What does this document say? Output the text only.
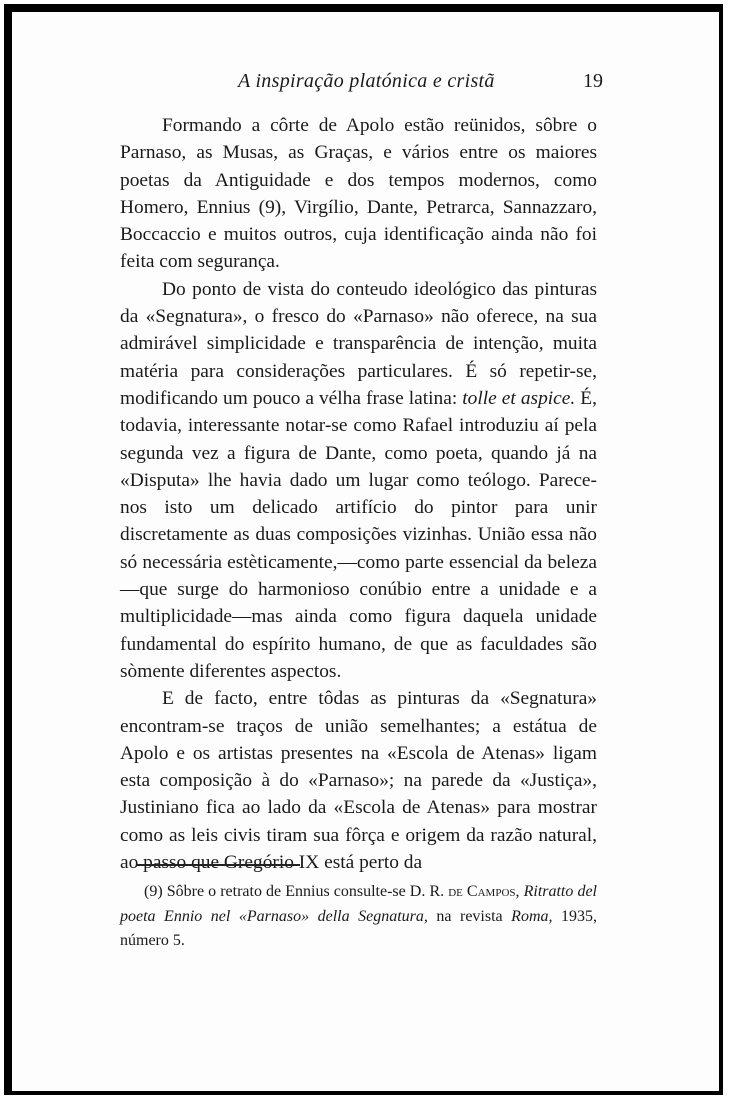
A inspiração platónica e cristã	19

Formando a côrte de Apolo estão reünidos, sôbre o Parnaso, as Musas, as Graças, e vários entre os maiores poetas da Antiguidade e dos tempos modernos, como Homero, Ennius (9), Virgílio, Dante, Petrarca, Sannazzaro, Boccaccio e muitos outros, cuja identificação ainda não foi feita com segurança.

Do ponto de vista do conteudo ideológico das pinturas da «Segnatura», o fresco do «Parnaso» não oferece, na sua admirável simplicidade e transparência de intenção, muita matéria para considerações particulares. É só repetir-se, modificando um pouco a vélha frase latina: tolle et aspice. É, todavia, interessante notar-se como Rafael introduziu aí pela segunda vez a figura de Dante, como poeta, quando já na «Disputa» lhe havia dado um lugar como teólogo. Parece-nos isto um delicado artifício do pintor para unir discretamente as duas composições vizinhas. União essa não só necessária estèticamente,—como parte essencial da beleza—que surge do harmonioso conúbio entre a unidade e a multiplicidade—mas ainda como figura daquela unidade fundamental do espírito humano, de que as faculdades são sòmente diferentes aspectos.

E de facto, entre tôdas as pinturas da «Segnatura» encontram-se traços de união semelhantes; a estátua de Apolo e os artistas presentes na «Escola de Atenas» ligam esta composição à do «Parnaso»; na parede da «Justiça», Justiniano fica ao lado da «Escola de Atenas» para mostrar como as leis civis tiram sua fôrça e origem da razão natural, ao passo que Gregório IX está perto da

(9) Sôbre o retrato de Ennius consulte-se D. R. de Campos, Ritratto del poeta Ennio nel «Parnaso» della Segnatura, na revista Roma, 1935, número 5.
